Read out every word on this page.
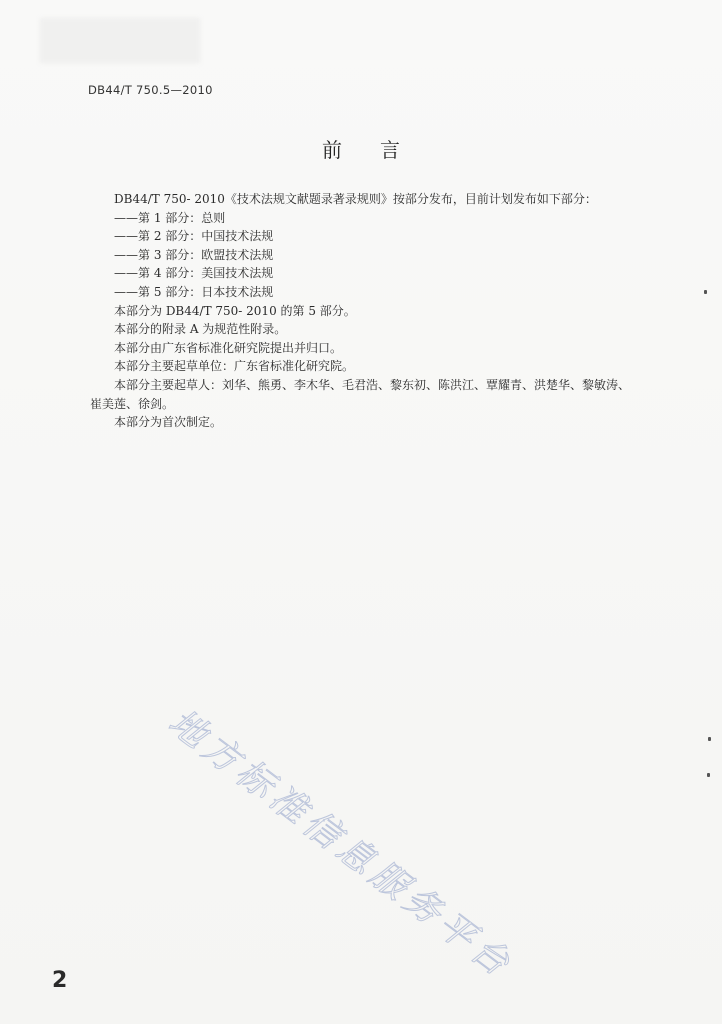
DB44/T 750.5—2010
前言
DB44/T 750- 2010《技术法规文献题录著录规则》按部分发布，目前计划发布如下部分：
——第 1 部分：总则
——第 2 部分：中国技术法规
——第 3 部分：欧盟技术法规
——第 4 部分：美国技术法规
——第 5 部分：日本技术法规
本部分为 DB44/T 750- 2010 的第 5 部分。
本部分的附录 A 为规范性附录。
本部分由广东省标准化研究院提出并归口。
本部分主要起草单位：广东省标准化研究院。
本部分主要起草人：刘华、熊勇、李木华、毛君浩、黎东初、陈洪江、覃耀青、洪楚华、黎敏涛、
崔美莲、徐剑。
本部分为首次制定。
地方标准信息服务平台
2
